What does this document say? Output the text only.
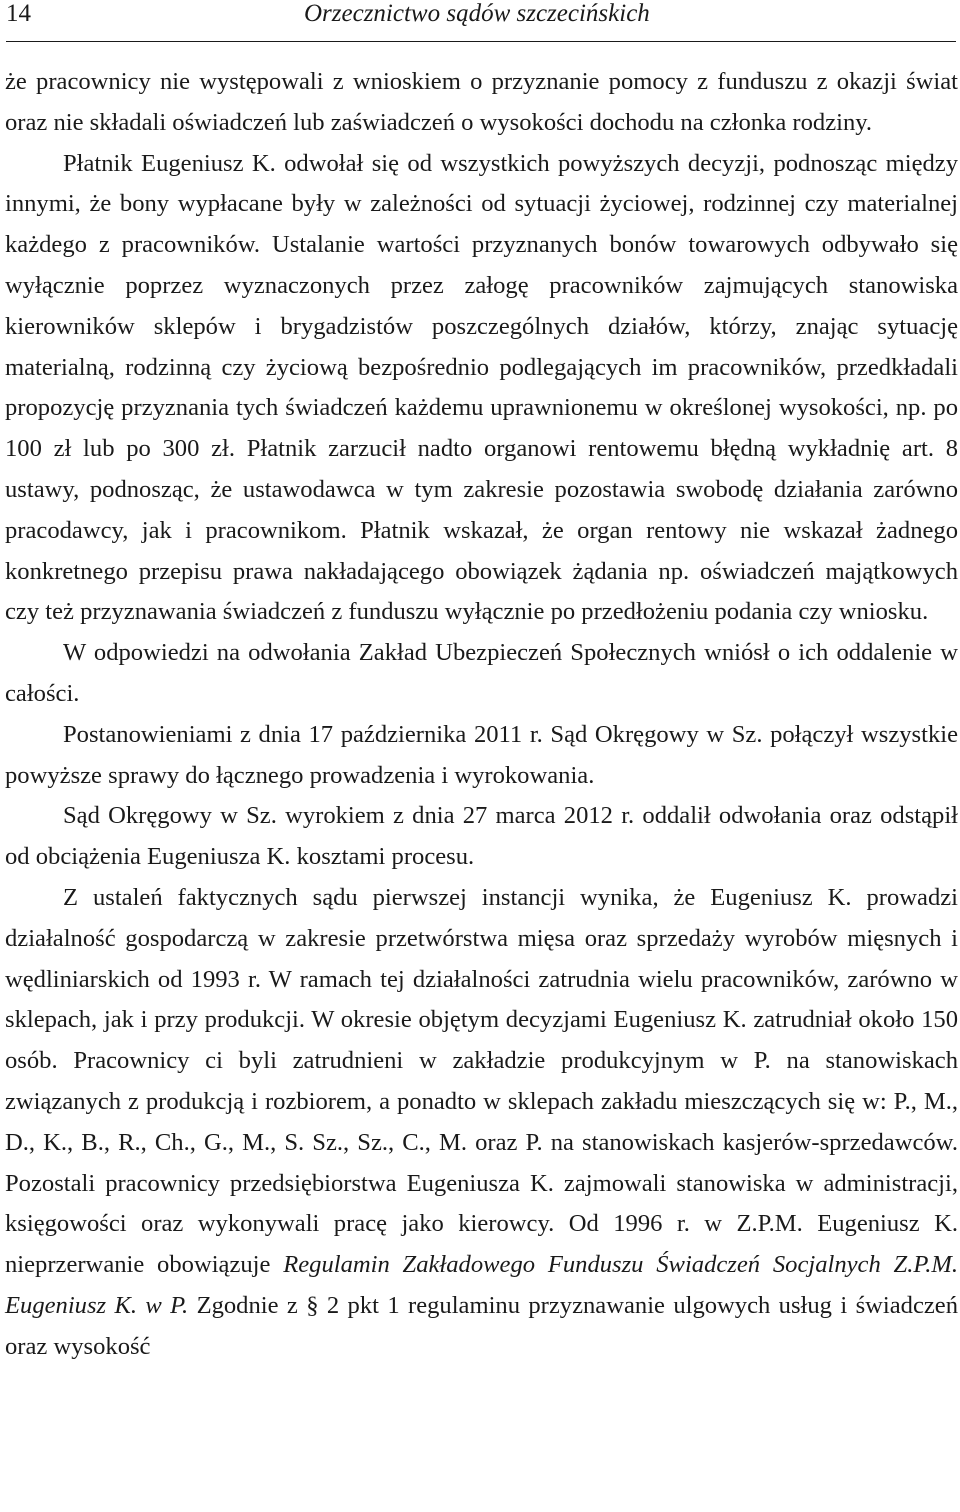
14	Orzecznictwo sądów szczecińskich

że pracownicy nie występowali z wnioskiem o przyznanie pomocy z funduszu z okazji świat oraz nie składali oświadczeń lub zaświadczeń o wysokości dochodu na członka rodziny.

Płatnik Eugeniusz K. odwołał się od wszystkich powyższych decyzji, podnosząc między innymi, że bony wypłacane były w zależności od sytuacji życiowej, rodzinnej czy materialnej każdego z pracowników. Ustalanie wartości przyznanych bonów towarowych odbywało się wyłącznie poprzez wyznaczonych przez załogę pracowników zajmujących stanowiska kierowników sklepów i brygadzistów poszczególnych działów, którzy, znając sytuację materialną, rodzinną czy życiową bezpośrednio podlegających im pracowników, przedkładali propozycję przyznania tych świadczeń każdemu uprawnionemu w określonej wysokości, np. po 100 zł lub po 300 zł. Płatnik zarzucił nadto organowi rentowemu błędną wykładnię art. 8 ustawy, podnosząc, że ustawodawca w tym zakresie pozostawia swobodę działania zarówno pracodawcy, jak i pracownikom. Płatnik wskazał, że organ rentowy nie wskazał żadnego konkretnego przepisu prawa nakładającego obowiązek żądania np. oświadczeń majątkowych czy też przyznawania świadczeń z funduszu wyłącznie po przedłożeniu podania czy wniosku.

W odpowiedzi na odwołania Zakład Ubezpieczeń Społecznych wniósł o ich oddalenie w całości.

Postanowieniami z dnia 17 października 2011 r. Sąd Okręgowy w Sz. połączył wszystkie powyższe sprawy do łącznego prowadzenia i wyrokowania.

Sąd Okręgowy w Sz. wyrokiem z dnia 27 marca 2012 r. oddalił odwołania oraz odstąpił od obciążenia Eugeniusza K. kosztami procesu.

Z ustaleń faktycznych sądu pierwszej instancji wynika, że Eugeniusz K. prowadzi działalność gospodarczą w zakresie przetwórstwa mięsa oraz sprzedaży wyrobów mięsnych i wędliniarskich od 1993 r. W ramach tej działalności zatrudnia wielu pracowników, zarówno w sklepach, jak i przy produkcji. W okresie objętym decyzjami Eugeniusz K. zatrudniał około 150 osób. Pracownicy ci byli zatrudnieni w zakładzie produkcyjnym w P. na stanowiskach związanych z produkcją i rozbiorem, a ponadto w sklepach zakładu mieszczących się w: P., M., D., K., B., R., Ch., G., M., S. Sz., Sz., C., M. oraz P. na stanowiskach kasjerów-sprzedawców. Pozostali pracownicy przedsiębiorstwa Eugeniusza K. zajmowali stanowiska w administracji, księgowości oraz wykonywali pracę jako kierowcy. Od 1996 r. w Z.P.M. Eugeniusz K. nieprzerwanie obowiązuje Regulamin Zakładowego Funduszu Świadczeń Socjalnych Z.P.M. Eugeniusz K. w P. Zgodnie z § 2 pkt 1 regulaminu przyznawanie ulgowych usług i świadczeń oraz wysokość
